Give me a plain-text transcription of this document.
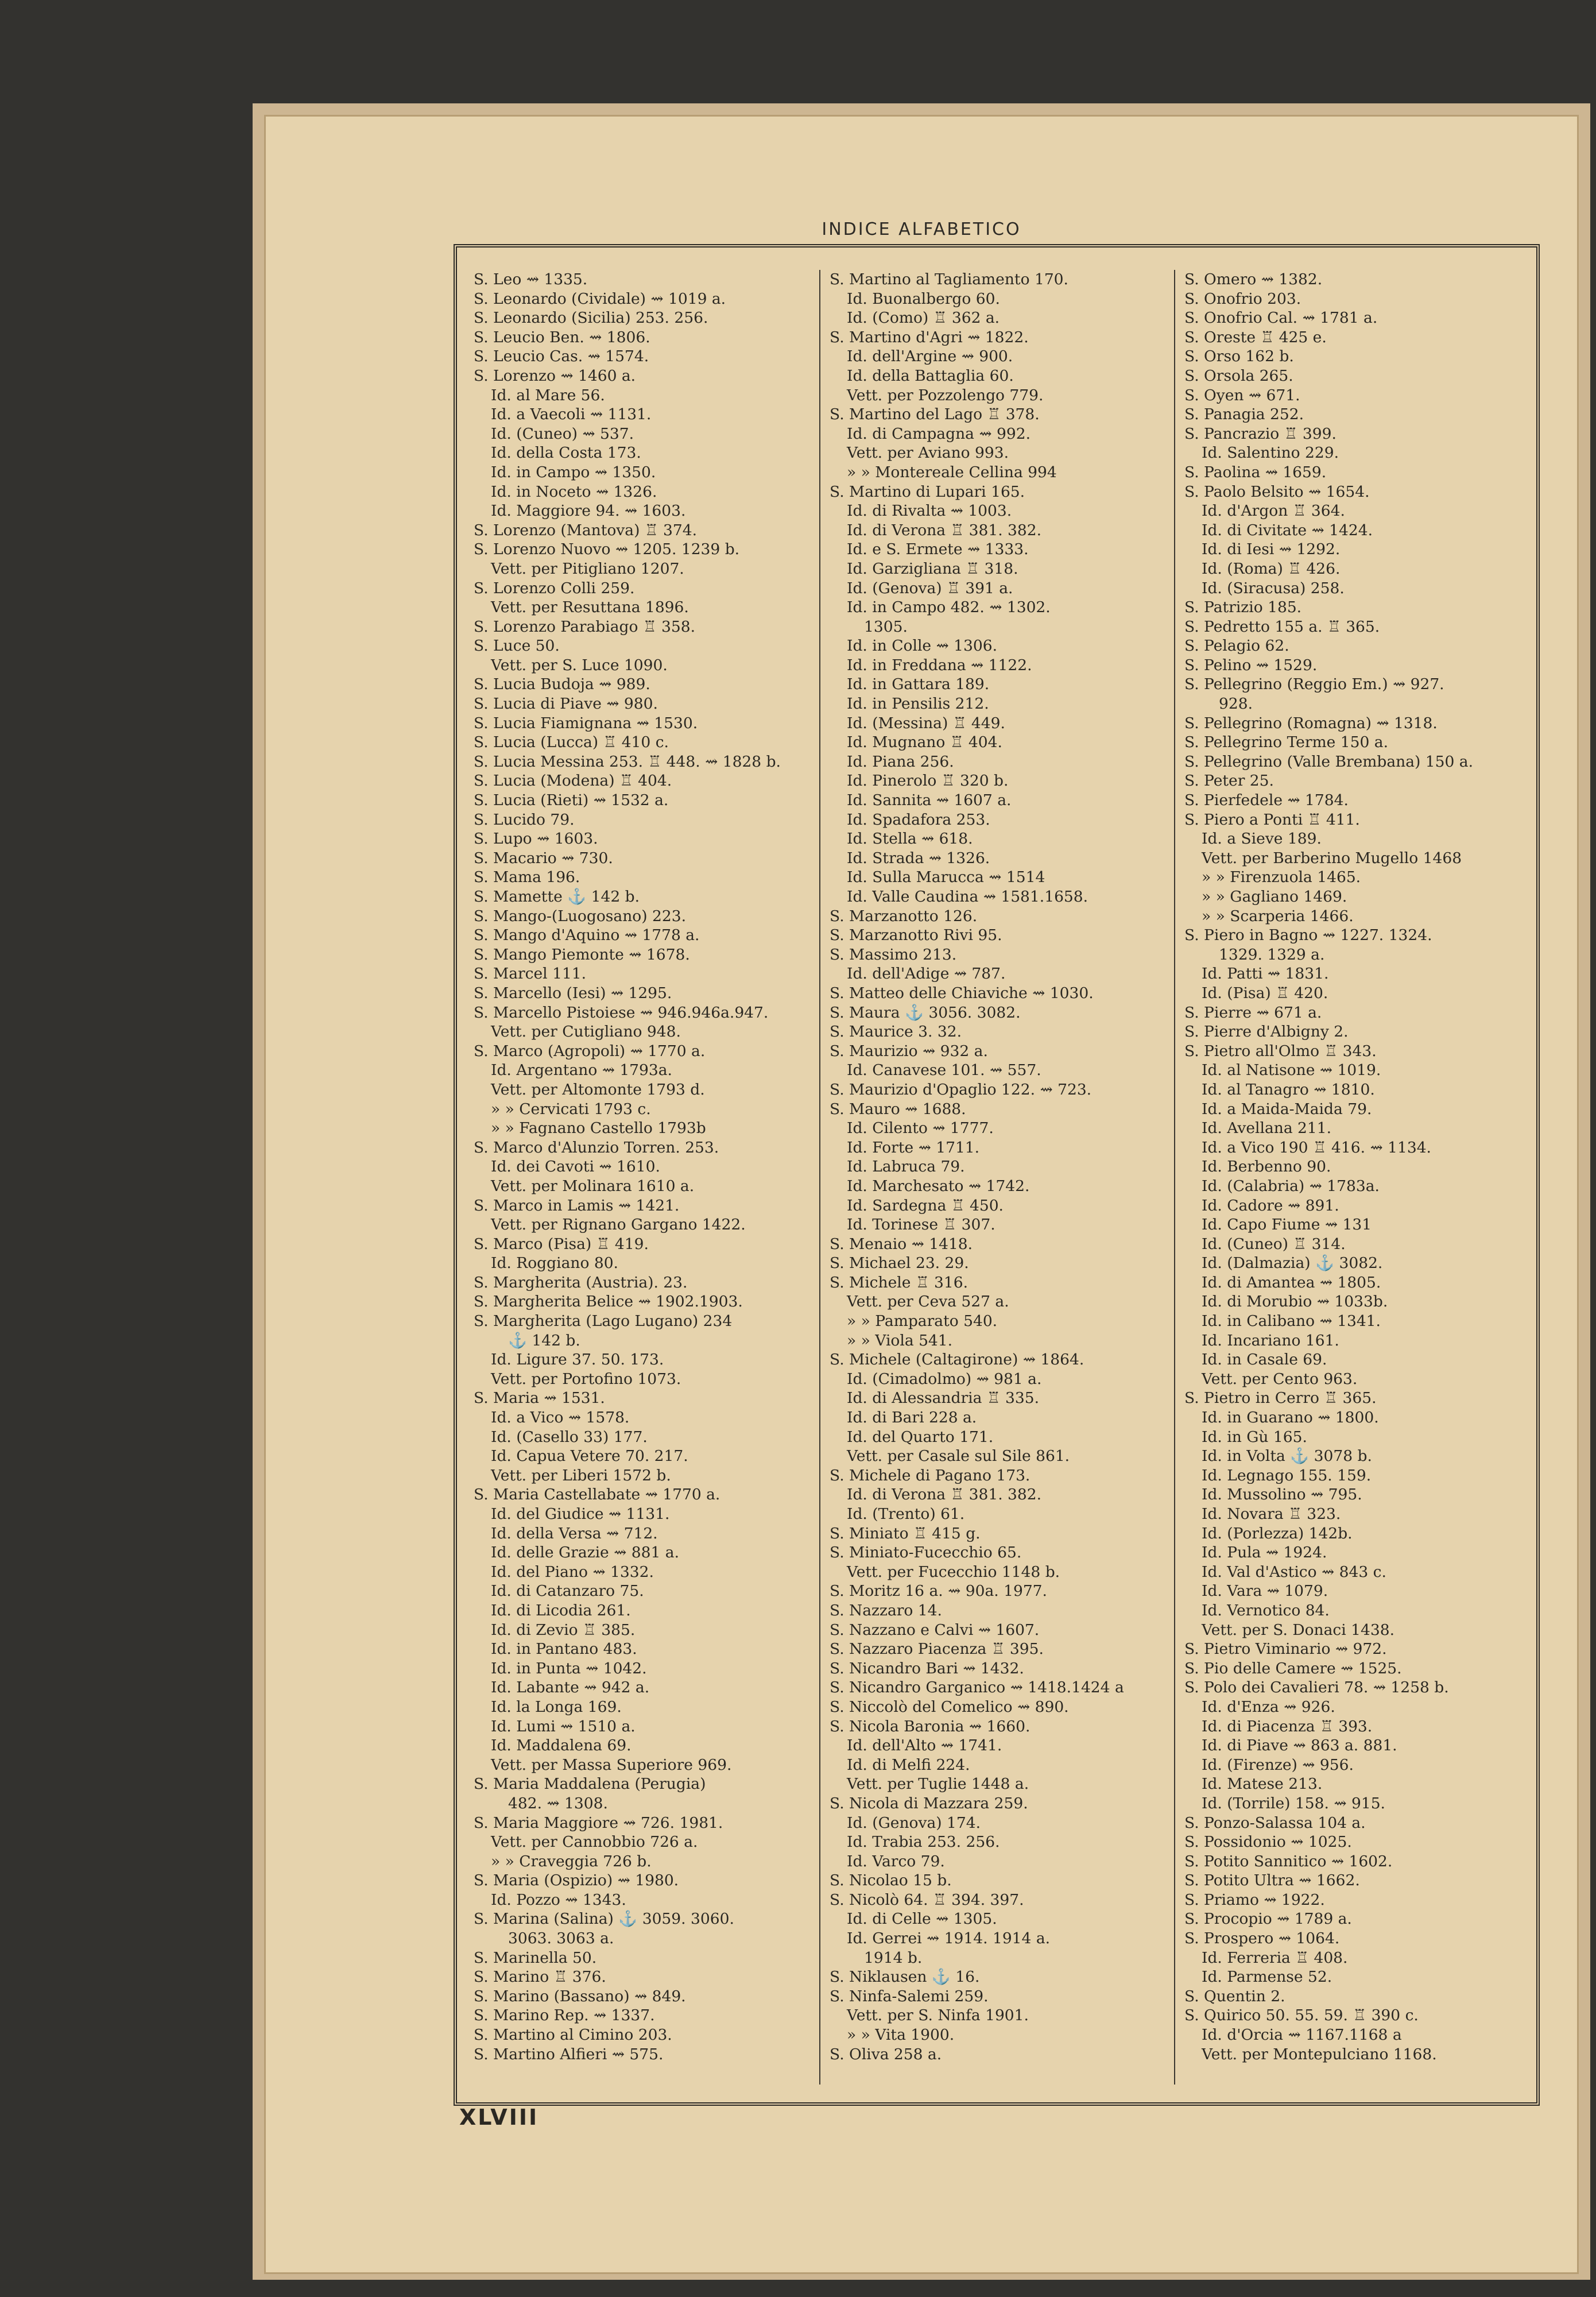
INDICE ALFABETICO
S. Leo ⇝ 1335.
S. Leonardo (Cividale) ⇝ 1019 a.
S. Leonardo (Sicilia) 253. 256.
S. Leucio Ben. ⇝ 1806.
S. Leucio Cas. ⇝ 1574.
S. Lorenzo ⇝ 1460 a.
Id. al Mare 56.
Id. a Vaecoli ⇝ 1131.
Id. (Cuneo) ⇝ 537.
Id. della Costa 173.
Id. in Campo ⇝ 1350.
Id. in Noceto ⇝ 1326.
Id. Maggiore 94. ⇝ 1603.
S. Lorenzo (Mantova) ♖ 374.
S. Lorenzo Nuovo ⇝ 1205. 1239 b.
Vett. per Pitigliano 1207.
S. Lorenzo Colli 259.
Vett. per Resuttana 1896.
S. Lorenzo Parabiago ♖ 358.
S. Luce 50.
Vett. per S. Luce 1090.
S. Lucia Budoja ⇝ 989.
S. Lucia di Piave ⇝ 980.
S. Lucia Fiamignana ⇝ 1530.
S. Lucia (Lucca) ♖ 410 c.
S. Lucia Messina 253. ♖ 448. ⇝ 1828 b.
S. Lucia (Modena) ♖ 404.
S. Lucia (Rieti) ⇝ 1532 a.
S. Lucido 79.
S. Lupo ⇝ 1603.
S. Macario ⇝ 730.
S. Mama 196.
S. Mamette ⚓ 142 b.
S. Mango-(Luogosano) 223.
S. Mango d'Aquino ⇝ 1778 a.
S. Mango Piemonte ⇝ 1678.
S. Marcel 111.
S. Marcello (Iesi) ⇝ 1295.
S. Marcello Pistoiese ⇝ 946.946a.947.
Vett. per Cutigliano 948.
S. Marco (Agropoli) ⇝ 1770 a.
Id. Argentano ⇝ 1793a.
Vett. per Altomonte 1793 d.
» » Cervicati 1793 c.
» » Fagnano Castello 1793b
S. Marco d'Alunzio Torren. 253.
Id. dei Cavoti ⇝ 1610.
Vett. per Molinara 1610 a.
S. Marco in Lamis ⇝ 1421.
Vett. per Rignano Gargano 1422.
S. Marco (Pisa) ♖ 419.
Id. Roggiano 80.
S. Margherita (Austria). 23.
S. Margherita Belice ⇝ 1902.1903.
S. Margherita (Lago Lugano) 234
⚓ 142 b.
Id. Ligure 37. 50. 173.
Vett. per Portofino 1073.
S. Maria ⇝ 1531.
Id. a Vico ⇝ 1578.
Id. (Casello 33) 177.
Id. Capua Vetere 70. 217.
Vett. per Liberi 1572 b.
S. Maria Castellabate ⇝ 1770 a.
Id. del Giudice ⇝ 1131.
Id. della Versa ⇝ 712.
Id. delle Grazie ⇝ 881 a.
Id. del Piano ⇝ 1332.
Id. di Catanzaro 75.
Id. di Licodia 261.
Id. di Zevio ♖ 385.
Id. in Pantano 483.
Id. in Punta ⇝ 1042.
Id. Labante ⇝ 942 a.
Id. la Longa 169.
Id. Lumi ⇝ 1510 a.
Id. Maddalena 69.
Vett. per Massa Superiore 969.
S. Maria Maddalena (Perugia)
482. ⇝ 1308.
S. Maria Maggiore ⇝ 726. 1981.
Vett. per Cannobbio 726 a.
» » Craveggia 726 b.
S. Maria (Ospizio) ⇝ 1980.
Id. Pozzo ⇝ 1343.
S. Marina (Salina) ⚓ 3059. 3060.
3063. 3063 a.
S. Marinella 50.
S. Marino ♖ 376.
S. Marino (Bassano) ⇝ 849.
S. Marino Rep. ⇝ 1337.
S. Martino al Cimino 203.
S. Martino Alfieri ⇝ 575.
S. Martino al Tagliamento 170.
Id. Buonalbergo 60.
Id. (Como) ♖ 362 a.
S. Martino d'Agri ⇝ 1822.
Id. dell'Argine ⇝ 900.
Id. della Battaglia 60.
Vett. per Pozzolengo 779.
S. Martino del Lago ♖ 378.
Id. di Campagna ⇝ 992.
Vett. per Aviano 993.
» » Montereale Cellina 994
S. Martino di Lupari 165.
Id. di Rivalta ⇝ 1003.
Id. di Verona ♖ 381. 382.
Id. e S. Ermete ⇝ 1333.
Id. Garzigliana ♖ 318.
Id. (Genova) ♖ 391 a.
Id. in Campo 482. ⇝ 1302.
1305.
Id. in Colle ⇝ 1306.
Id. in Freddana ⇝ 1122.
Id. in Gattara 189.
Id. in Pensilis 212.
Id. (Messina) ♖ 449.
Id. Mugnano ♖ 404.
Id. Piana 256.
Id. Pinerolo ♖ 320 b.
Id. Sannita ⇝ 1607 a.
Id. Spadafora 253.
Id. Stella ⇝ 618.
Id. Strada ⇝ 1326.
Id. Sulla Marucca ⇝ 1514
Id. Valle Caudina ⇝ 1581.1658.
S. Marzanotto 126.
S. Marzanotto Rivi 95.
S. Massimo 213.
Id. dell'Adige ⇝ 787.
S. Matteo delle Chiaviche ⇝ 1030.
S. Maura ⚓ 3056. 3082.
S. Maurice 3. 32.
S. Maurizio ⇝ 932 a.
Id. Canavese 101. ⇝ 557.
S. Maurizio d'Opaglio 122. ⇝ 723.
S. Mauro ⇝ 1688.
Id. Cilento ⇝ 1777.
Id. Forte ⇝ 1711.
Id. Labruca 79.
Id. Marchesato ⇝ 1742.
Id. Sardegna ♖ 450.
Id. Torinese ♖ 307.
S. Menaio ⇝ 1418.
S. Michael 23. 29.
S. Michele ♖ 316.
Vett. per Ceva 527 a.
» » Pamparato 540.
» » Viola 541.
S. Michele (Caltagirone) ⇝ 1864.
Id. (Cimadolmo) ⇝ 981 a.
Id. di Alessandria ♖ 335.
Id. di Bari 228 a.
Id. del Quarto 171.
Vett. per Casale sul Sile 861.
S. Michele di Pagano 173.
Id. di Verona ♖ 381. 382.
Id. (Trento) 61.
S. Miniato ♖ 415 g.
S. Miniato-Fucecchio 65.
Vett. per Fucecchio 1148 b.
S. Moritz 16 a. ⇝ 90a. 1977.
S. Nazzaro 14.
S. Nazzano e Calvi ⇝ 1607.
S. Nazzaro Piacenza ♖ 395.
S. Nicandro Bari ⇝ 1432.
S. Nicandro Garganico ⇝ 1418.1424 a
S. Niccolò del Comelico ⇝ 890.
S. Nicola Baronia ⇝ 1660.
Id. dell'Alto ⇝ 1741.
Id. di Melfi 224.
Vett. per Tuglie 1448 a.
S. Nicola di Mazzara 259.
Id. (Genova) 174.
Id. Trabia 253. 256.
Id. Varco 79.
S. Nicolao 15 b.
S. Nicolò 64. ♖ 394. 397.
Id. di Celle ⇝ 1305.
Id. Gerrei ⇝ 1914. 1914 a.
1914 b.
S. Niklausen ⚓ 16.
S. Ninfa-Salemi 259.
Vett. per S. Ninfa 1901.
» » Vita 1900.
S. Oliva 258 a.
S. Omero ⇝ 1382.
S. Onofrio 203.
S. Onofrio Cal. ⇝ 1781 a.
S. Oreste ♖ 425 e.
S. Orso 162 b.
S. Orsola 265.
S. Oyen ⇝ 671.
S. Panagia 252.
S. Pancrazio ♖ 399.
Id. Salentino 229.
S. Paolina ⇝ 1659.
S. Paolo Belsito ⇝ 1654.
Id. d'Argon ♖ 364.
Id. di Civitate ⇝ 1424.
Id. di Iesi ⇝ 1292.
Id. (Roma) ♖ 426.
Id. (Siracusa) 258.
S. Patrizio 185.
S. Pedretto 155 a. ♖ 365.
S. Pelagio 62.
S. Pelino ⇝ 1529.
S. Pellegrino (Reggio Em.) ⇝ 927.
928.
S. Pellegrino (Romagna) ⇝ 1318.
S. Pellegrino Terme 150 a.
S. Pellegrino (Valle Brembana) 150 a.
S. Peter 25.
S. Pierfedele ⇝ 1784.
S. Piero a Ponti ♖ 411.
Id. a Sieve 189.
Vett. per Barberino Mugello 1468
» » Firenzuola 1465.
» » Gagliano 1469.
» » Scarperia 1466.
S. Piero in Bagno ⇝ 1227. 1324.
1329. 1329 a.
Id. Patti ⇝ 1831.
Id. (Pisa) ♖ 420.
S. Pierre ⇝ 671 a.
S. Pierre d'Albigny 2.
S. Pietro all'Olmo ♖ 343.
Id. al Natisone ⇝ 1019.
Id. al Tanagro ⇝ 1810.
Id. a Maida-Maida 79.
Id. Avellana 211.
Id. a Vico 190 ♖ 416. ⇝ 1134.
Id. Berbenno 90.
Id. (Calabria) ⇝ 1783a.
Id. Cadore ⇝ 891.
Id. Capo Fiume ⇝ 131
Id. (Cuneo) ♖ 314.
Id. (Dalmazia) ⚓ 3082.
Id. di Amantea ⇝ 1805.
Id. di Morubio ⇝ 1033b.
Id. in Calibano ⇝ 1341.
Id. Incariano 161.
Id. in Casale 69.
Vett. per Cento 963.
S. Pietro in Cerro ♖ 365.
Id. in Guarano ⇝ 1800.
Id. in Gù 165.
Id. in Volta ⚓ 3078 b.
Id. Legnago 155. 159.
Id. Mussolino ⇝ 795.
Id. Novara ♖ 323.
Id. (Porlezza) 142b.
Id. Pula ⇝ 1924.
Id. Val d'Astico ⇝ 843 c.
Id. Vara ⇝ 1079.
Id. Vernotico 84.
Vett. per S. Donaci 1438.
S. Pietro Viminario ⇝ 972.
S. Pio delle Camere ⇝ 1525.
S. Polo dei Cavalieri 78. ⇝ 1258 b.
Id. d'Enza ⇝ 926.
Id. di Piacenza ♖ 393.
Id. di Piave ⇝ 863 a. 881.
Id. (Firenze) ⇝ 956.
Id. Matese 213.
Id. (Torrile) 158. ⇝ 915.
S. Ponzo-Salassa 104 a.
S. Possidonio ⇝ 1025.
S. Potito Sannitico ⇝ 1602.
S. Potito Ultra ⇝ 1662.
S. Priamo ⇝ 1922.
S. Procopio ⇝ 1789 a.
S. Prospero ⇝ 1064.
Id. Ferreria ♖ 408.
Id. Parmense 52.
S. Quentin 2.
S. Quirico 50. 55. 59. ♖ 390 c.
Id. d'Orcia ⇝ 1167.1168 a
Vett. per Montepulciano 1168.
XLVIII
